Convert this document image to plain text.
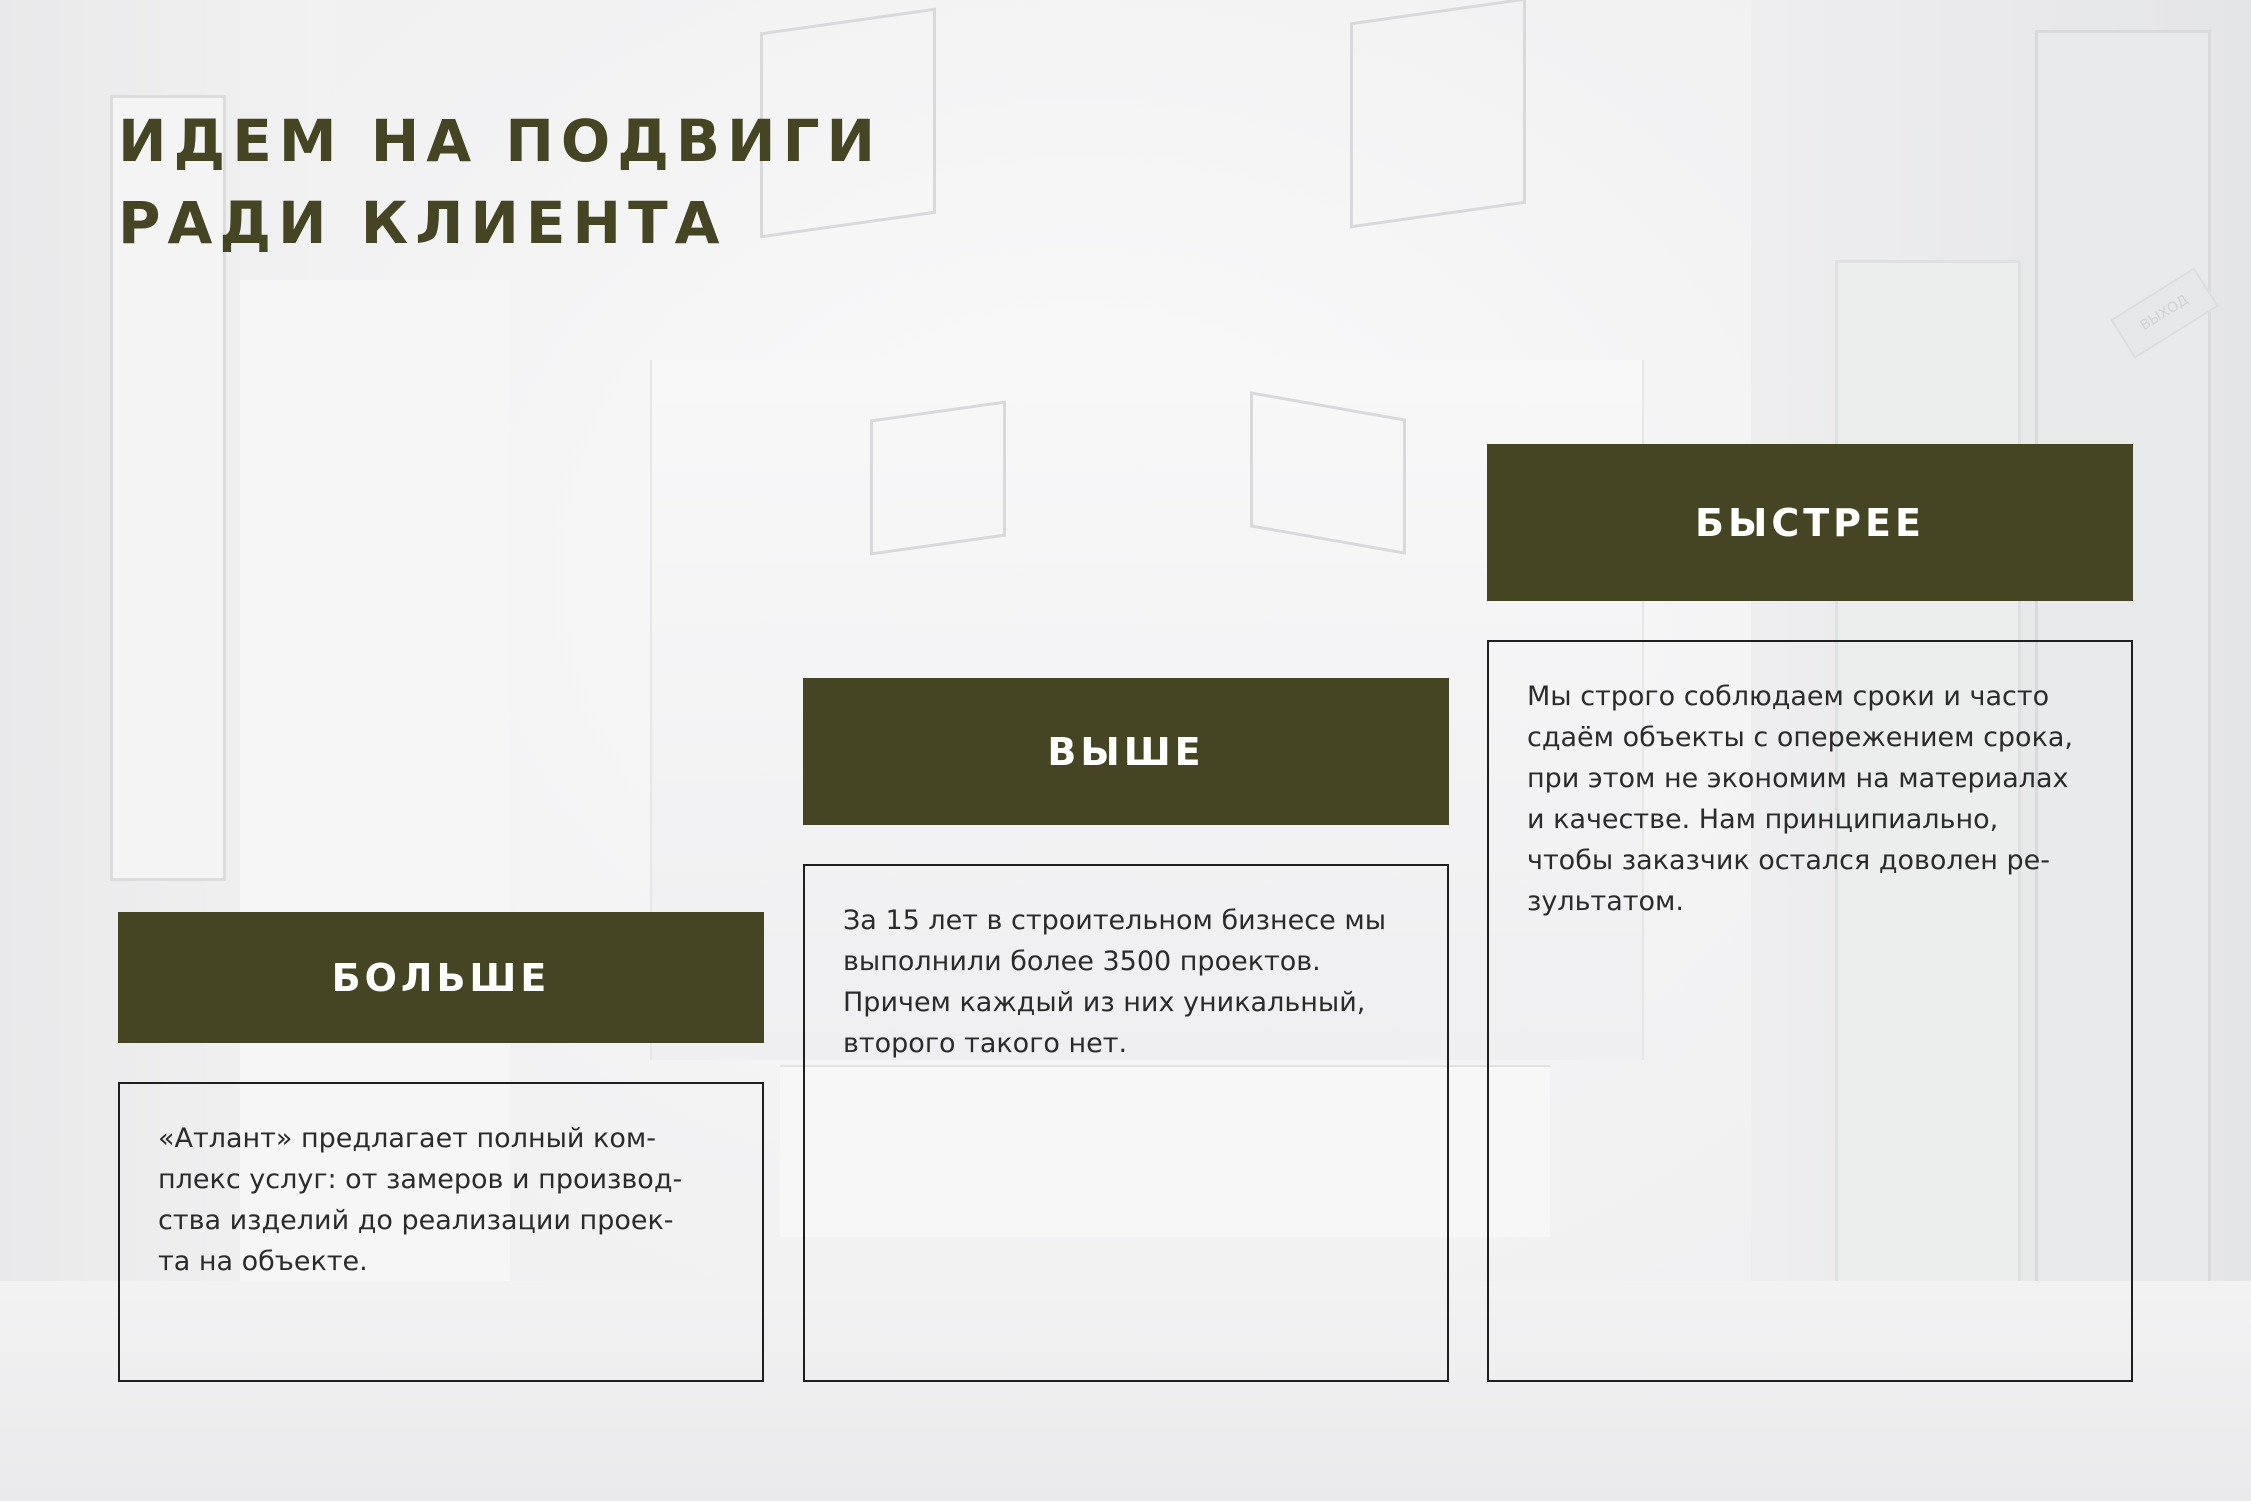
ВЫХОД
ИДЕМ НА ПОДВИГИ
РАДИ КЛИЕНТА
БОЛЬШЕ
«Атлант» предлагает полный ком-
плекс услуг: от замеров и производ-
ства изделий до реализации проек-
та на объекте.
ВЫШЕ
За 15 лет в строительном бизнесе мы
выполнили более 3500 проектов.
Причем каждый из них уникальный,
второго такого нет.
БЫСТРЕЕ
Мы строго соблюдаем сроки и часто
сдаём объекты с опережением срока,
при этом не экономим на материалах
и качестве. Нам принципиально,
чтобы заказчик остался доволен ре-
зультатом.
